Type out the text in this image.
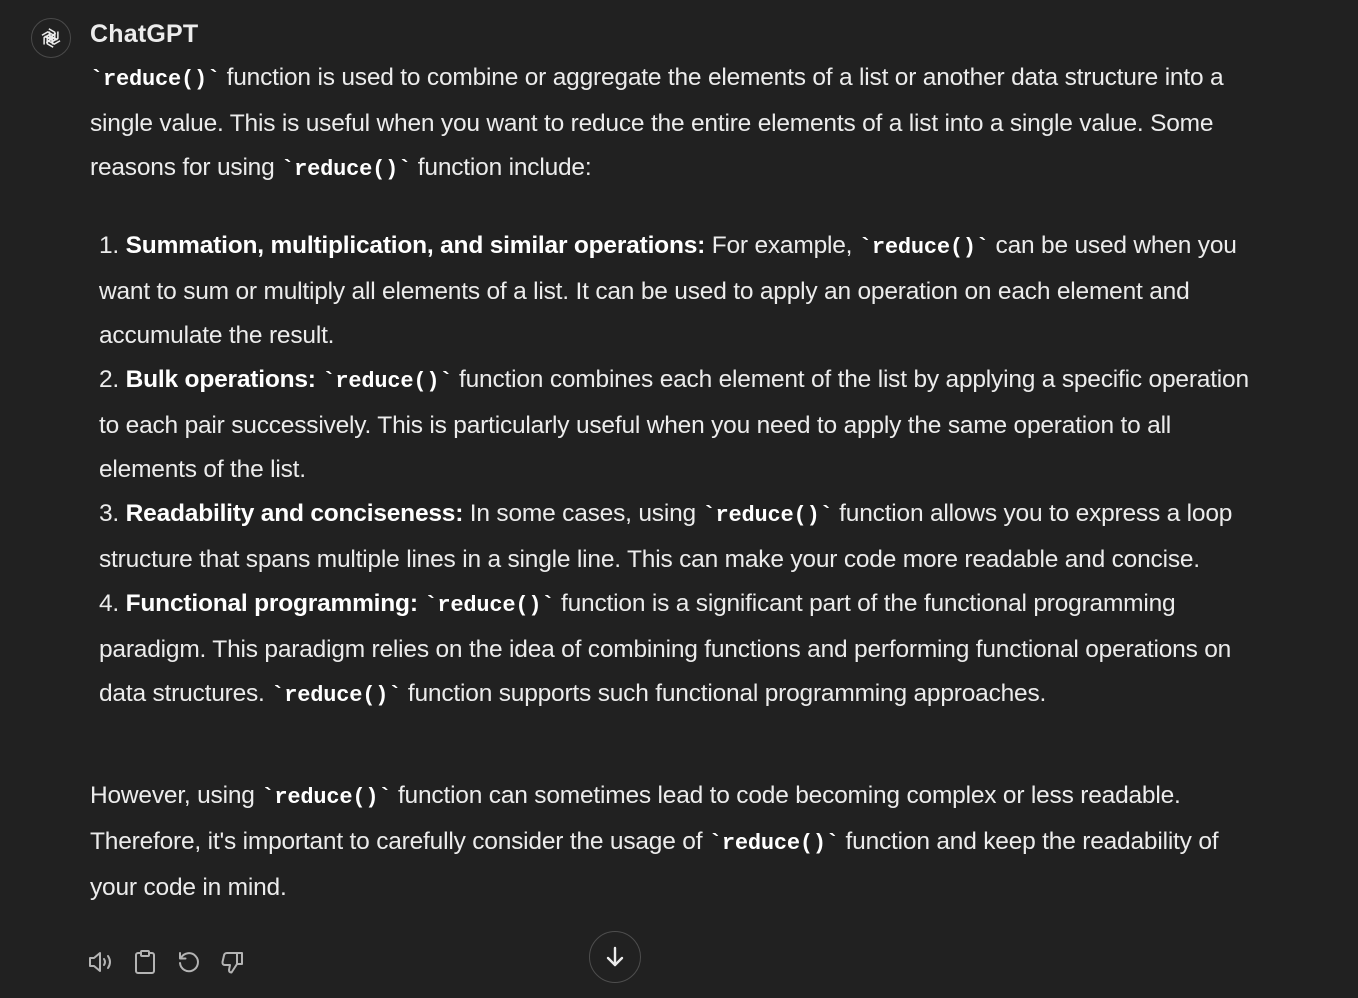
ChatGPT

`reduce()` function is used to combine or aggregate the elements of a list or another data structure into a single value. This is useful when you want to reduce the entire elements of a list into a single value. Some reasons for using `reduce()` function include:

1. Summation, multiplication, and similar operations: For example, `reduce()` can be used when you want to sum or multiply all elements of a list. It can be used to apply an operation on each element and accumulate the result.
2. Bulk operations: `reduce()` function combines each element of the list by applying a specific operation to each pair successively. This is particularly useful when you need to apply the same operation to all elements of the list.
3. Readability and conciseness: In some cases, using `reduce()` function allows you to express a loop structure that spans multiple lines in a single line. This can make your code more readable and concise.
4. Functional programming: `reduce()` function is a significant part of the functional programming paradigm. This paradigm relies on the idea of combining functions and performing functional operations on data structures. `reduce()` function supports such functional programming approaches.

However, using `reduce()` function can sometimes lead to code becoming complex or less readable. Therefore, it's important to carefully consider the usage of `reduce()` function and keep the readability of your code in mind.
